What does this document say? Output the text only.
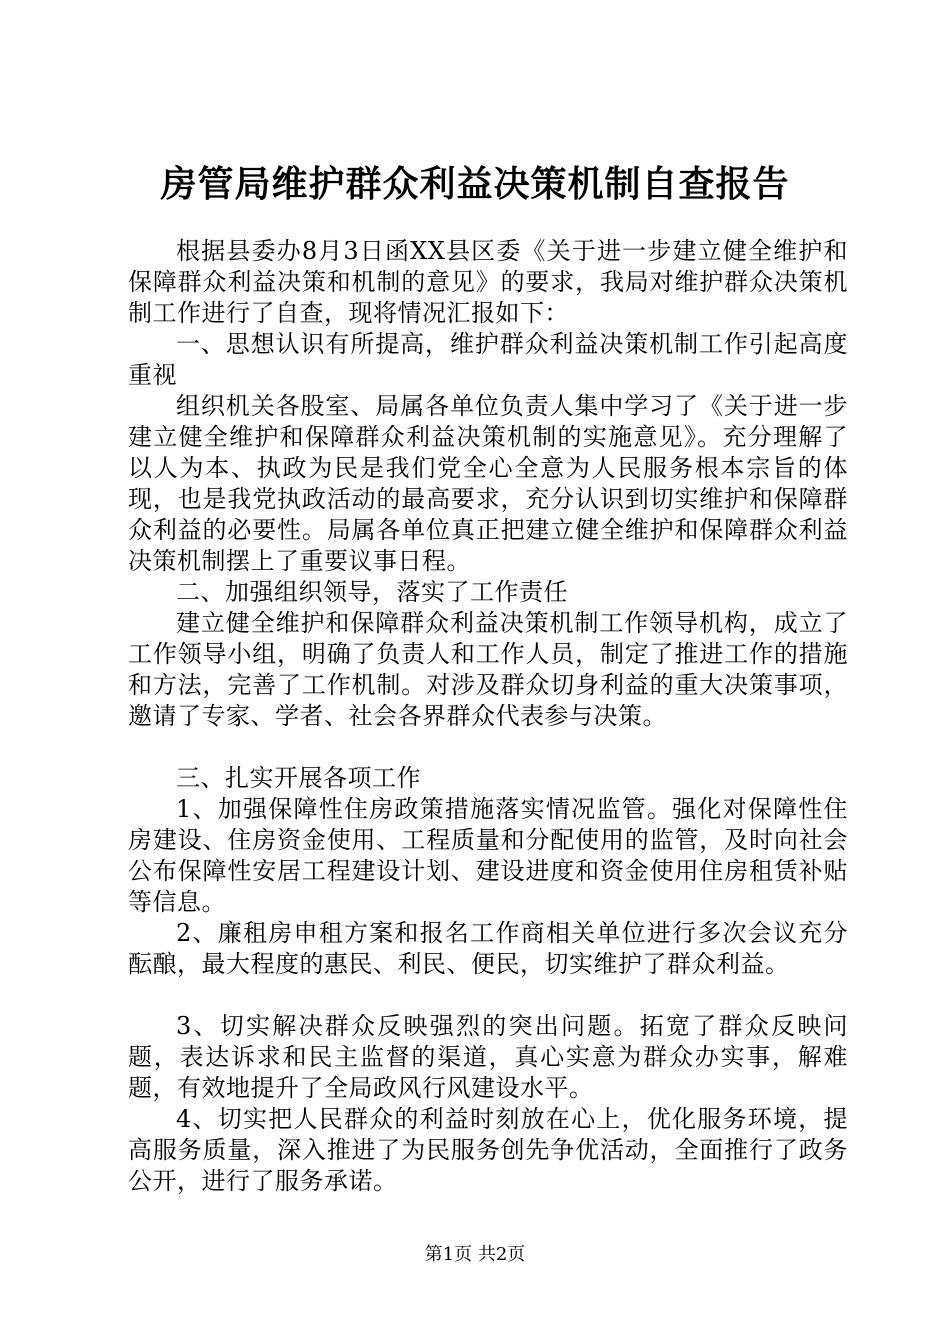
房管局维护群众利益决策机制自查报告

根据县委办8月3日函XX县区委《关于进一步建立健全维护和保障群众利益决策和机制的意见》的要求，我局对维护群众决策机制工作进行了自查，现将情况汇报如下：

一、思想认识有所提高，维护群众利益决策机制工作引起高度重视

组织机关各股室、局属各单位负责人集中学习了《关于进一步建立健全维护和保障群众利益决策机制的实施意见》。充分理解了以人为本、执政为民是我们党全心全意为人民服务根本宗旨的体现，也是我党执政活动的最高要求，充分认识到切实维护和保障群众利益的必要性。局属各单位真正把建立健全维护和保障群众利益决策机制摆上了重要议事日程。

二、加强组织领导，落实了工作责任

建立健全维护和保障群众利益决策机制工作领导机构，成立了工作领导小组，明确了负责人和工作人员，制定了推进工作的措施和方法，完善了工作机制。对涉及群众切身利益的重大决策事项，邀请了专家、学者、社会各界群众代表参与决策。

三、扎实开展各项工作

1、加强保障性住房政策措施落实情况监管。强化对保障性住房建设、住房资金使用、工程质量和分配使用的监管，及时向社会公布保障性安居工程建设计划、建设进度和资金使用住房租赁补贴等信息。

2、廉租房申租方案和报名工作商相关单位进行多次会议充分酝酿，最大程度的惠民、利民、便民，切实维护了群众利益。

3、切实解决群众反映强烈的突出问题。拓宽了群众反映问题，表达诉求和民主监督的渠道，真心实意为群众办实事，解难题，有效地提升了全局政风行风建设水平。

4、切实把人民群众的利益时刻放在心上，优化服务环境，提高服务质量，深入推进了为民服务创先争优活动，全面推行了政务公开，进行了服务承诺。

第1页 共2页
